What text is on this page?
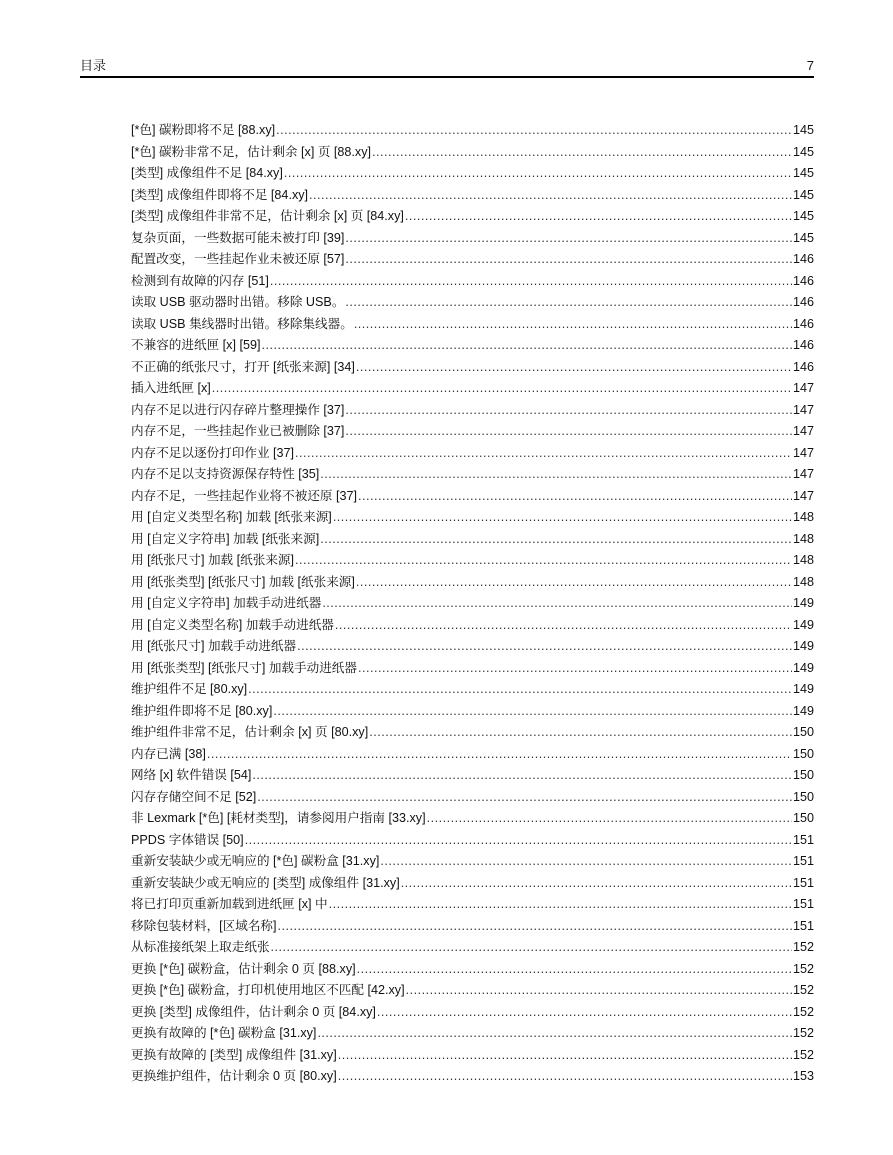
目录	7
[*色] 碳粉即将不足 [88.xy] .....	145
[*色] 碳粉非常不足，估计剩余 [x] 页 [88.xy] .....	145
[类型] 成像组件不足 [84.xy] .....	145
[类型] 成像组件即将不足 [84.xy] .....	145
[类型] 成像组件非常不足，估计剩余 [x] 页 [84.xy] .....	145
复杂页面，一些数据可能未被打印 [39] .....	145
配置改变，一些挂起作业未被还原 [57] .....	146
检测到有故障的闪存 [51] .....	146
读取 USB 驱动器时出错。移除 USB。 .....	146
读取 USB 集线器时出错。移除集线器。 .....	146
不兼容的进纸匣 [x] [59] .....	146
不正确的纸张尺寸，打开 [纸张来源] [34] .....	146
插入进纸匣 [x] .....	147
内存不足以进行闪存碎片整理操作 [37] .....	147
内存不足，一些挂起作业已被删除 [37] .....	147
内存不足以逐份打印作业 [37] .....	147
内存不足以支持资源保存特性 [35] .....	147
内存不足，一些挂起作业将不被还原 [37] .....	147
用 [自定义类型名称] 加载 [纸张来源] .....	148
用 [自定义字符串] 加载 [纸张来源] .....	148
用 [纸张尺寸] 加载 [纸张来源] .....	148
用 [纸张类型] [纸张尺寸] 加载 [纸张来源] .....	148
用 [自定义字符串] 加载手动进纸器 .....	149
用 [自定义类型名称] 加载手动进纸器 .....	149
用 [纸张尺寸] 加载手动进纸器 .....	149
用 [纸张类型] [纸张尺寸] 加载手动进纸器 .....	149
维护组件不足 [80.xy] .....	149
维护组件即将不足 [80.xy] .....	149
维护组件非常不足，估计剩余 [x] 页 [80.xy] .....	150
内存已满 [38] .....	150
网络 [x] 软件错误 [54] .....	150
闪存存储空间不足 [52] .....	150
非 Lexmark [*色] [耗材类型]，请参阅用户指南 [33.xy] .....	150
PPDS 字体错误 [50] .....	151
重新安装缺少或无响应的 [*色] 碳粉盒 [31.xy] .....	151
重新安装缺少或无响应的 [类型] 成像组件 [31.xy] .....	151
将已打印页重新加载到进纸匣 [x] 中 .....	151
移除包装材料，[区域名称] .....	151
从标准接纸架上取走纸张 .....	152
更换 [*色] 碳粉盒，估计剩余 0 页 [88.xy] .....	152
更换 [*色] 碳粉盒，打印机使用地区不匹配 [42.xy] .....	152
更换 [类型] 成像组件，估计剩余 0 页 [84.xy] .....	152
更换有故障的 [*色] 碳粉盒 [31.xy] .....	152
更换有故障的 [类型] 成像组件 [31.xy] .....	152
更换维护组件，估计剩余 0 页 [80.xy] .....	153
